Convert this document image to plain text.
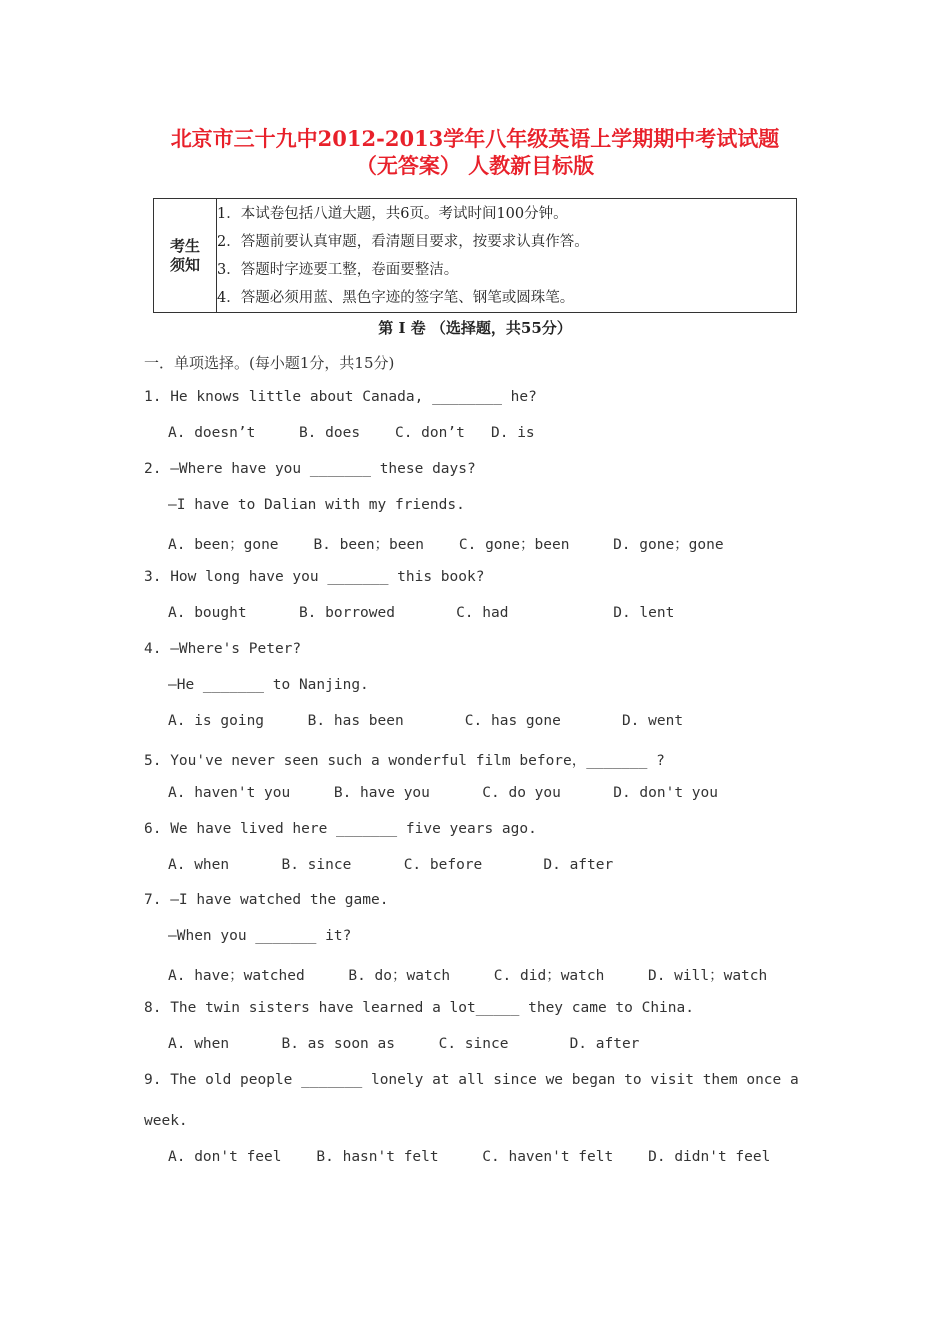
北京市三十九中2012-2013学年八年级英语上学期期中考试试题
（无答案） 人教新目标版
考生
须知

1．本试卷包括八道大题，共6页。考试时间100分钟。
2．答题前要认真审题，看清题目要求，按要求认真作答。
3．答题时字迹要工整，卷面要整洁。
4．答题必须用蓝、黑色字迹的签字笔、钢笔或圆珠笔。
第 I 卷 （选择题，共55分）
一．单项选择。(每小题1分，共15分)
1. He knows little about Canada, ________ he?
A. doesn’t     B. does    C. don’t   D. is
2. —Where have you _______ these days?
—I have to Dalian with my friends.
A. been；gone    B. been；been    C. gone；been     D. gone；gone
3. How long have you _______ this book?
A. bought      B. borrowed       C. had            D. lent
4. —Where's Peter?
—He _______ to Nanjing.
A. is going     B. has been       C. has gone       D. went
5. You've never seen such a wonderful film before，_______ ?
A. haven't you     B. have you      C. do you      D. don't you
6. We have lived here _______ five years ago.
A. when      B. since      C. before       D. after
7. —I have watched the game.
—When you _______ it?
A. have；watched     B. do；watch     C. did；watch     D. will；watch
8. The twin sisters have learned a lot_____ they came to China.
A. when      B. as soon as     C. since       D. after
9. The old people _______ lonely at all since we began to visit them once a
week.
A. don't feel    B. hasn't felt     C. haven't felt    D. didn't feel
